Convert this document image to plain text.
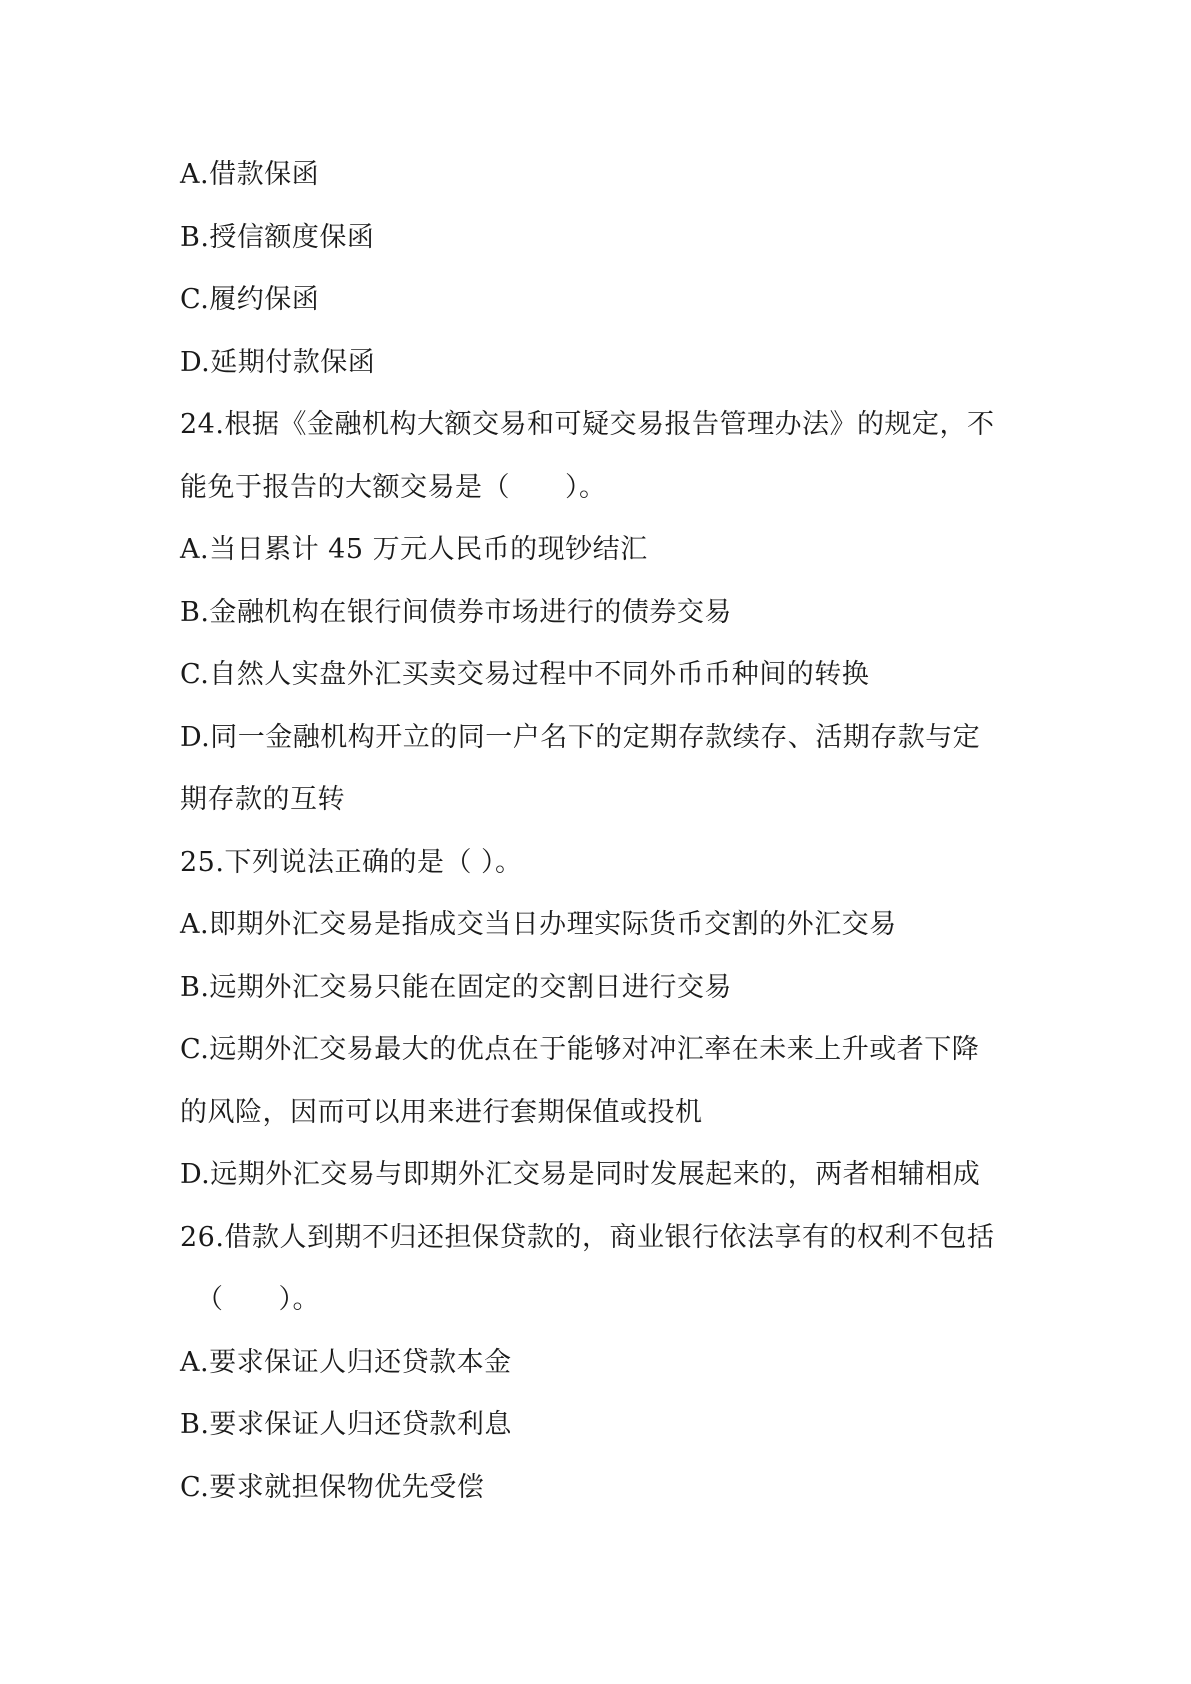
A.借款保函
B.授信额度保函
C.履约保函
D.延期付款保函
24.根据《金融机构大额交易和可疑交易报告管理办法》的规定，不
能免于报告的大额交易是（　　）。
A.当日累计 45 万元人民币的现钞结汇
B.金融机构在银行间债券市场进行的债券交易
C.自然人实盘外汇买卖交易过程中不同外币币种间的转换
D.同一金融机构开立的同一户名下的定期存款续存、活期存款与定
期存款的互转
25.下列说法正确的是（ ）。
A.即期外汇交易是指成交当日办理实际货币交割的外汇交易
B.远期外汇交易只能在固定的交割日进行交易
C.远期外汇交易最大的优点在于能够对冲汇率在未来上升或者下降
的风险，因而可以用来进行套期保值或投机
D.远期外汇交易与即期外汇交易是同时发展起来的，两者相辅相成
26.借款人到期不归还担保贷款的，商业银行依法享有的权利不包括
（　　）。
A.要求保证人归还贷款本金
B.要求保证人归还贷款利息
C.要求就担保物优先受偿
